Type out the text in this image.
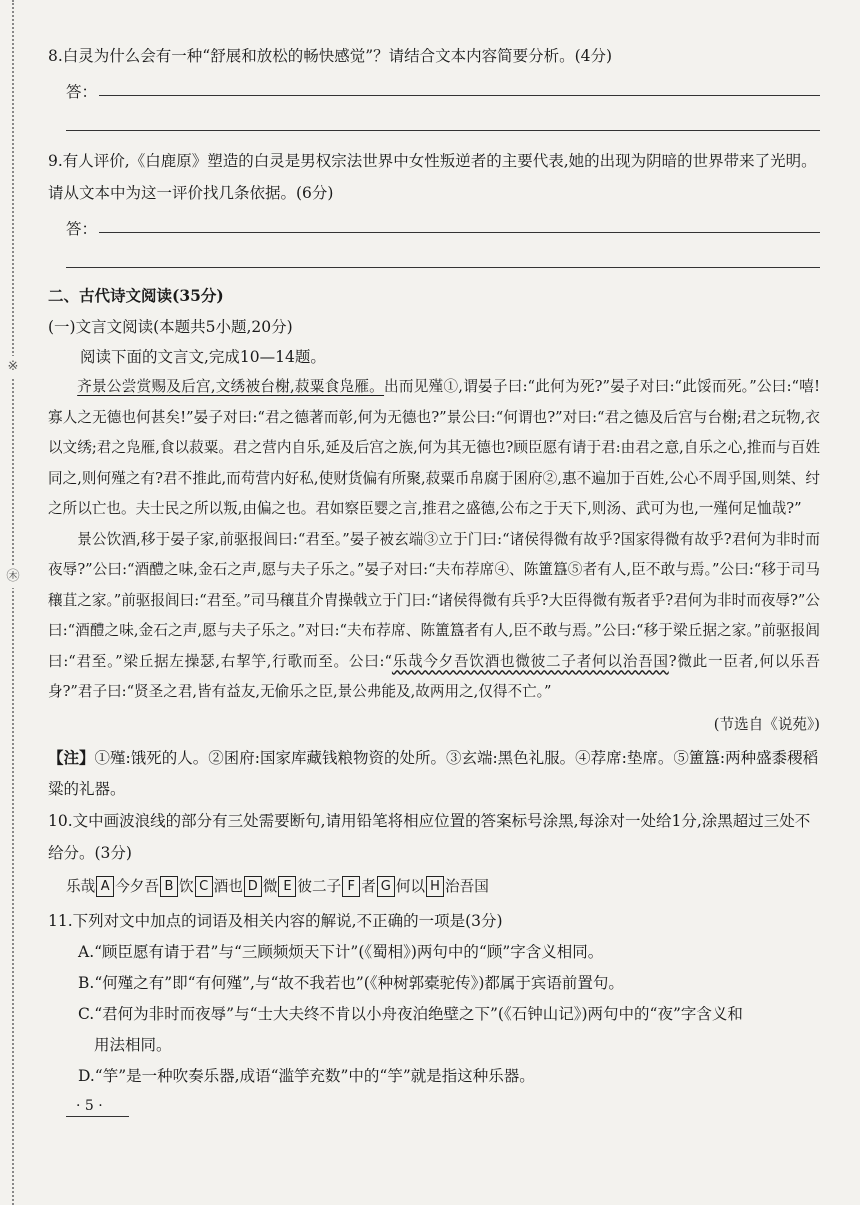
※
㊍

8.白灵为什么会有一种“舒展和放松的畅快感觉”？请结合文本内容简要分析。(4分)

答：

9.有人评价,《白鹿原》塑造的白灵是男权宗法世界中女性叛逆者的主要代表,她的出现为阴暗的世界带来了光明。请从文本中为这一评价找几条依据。(6分)

答：

二、古代诗文阅读(35分)

(一)文言文阅读(本题共5小题,20分)

阅读下面的文言文,完成10—14题。

齐景公尝赏赐及后宫,文绣被台榭,菽粟食凫雁。出而见殣①,谓晏子曰:“此何为死?”晏子对曰:“此馁而死。”公曰:“嘻!寡人之无德也何甚矣!”晏子对曰:“君之德著而彰,何为无德也?”景公曰:“何谓也?”对曰:“君之德及后宫与台榭;君之玩物,衣以文绣;君之凫雁,食以菽粟。君之营内自乐,延及后宫之族,何为其无德也?顾臣愿有请于君:由君之意,自乐之心,推而与百姓同之,则何殣之有?君不推此,而苟营内好私,使财货偏有所聚,菽粟币帛腐于囷府②,惠不遍加于百姓,公心不周乎国,则桀、纣之所以亡也。夫士民之所以叛,由偏之也。君如察臣婴之言,推君之盛德,公布之于天下,则汤、武可为也,一殣何足恤哉?”

景公饮酒,移于晏子家,前驱报闾曰:“君至。”晏子被玄端③立于门曰:“诸侯得微有故乎?国家得微有故乎?君何为非时而夜辱?”公曰:“酒醴之味,金石之声,愿与夫子乐之。”晏子对曰:“夫布荐席④、陈簠簋⑤者有人,臣不敢与焉。”公曰:“移于司马穰苴之家。”前驱报闾曰:“君至。”司马穰苴介胄操戟立于门曰:“诸侯得微有兵乎?大臣得微有叛者乎?君何为非时而夜辱?”公曰:“酒醴之味,金石之声,愿与夫子乐之。”对曰:“夫布荐席、陈簠簋者有人,臣不敢与焉。”公曰:“移于梁丘据之家。”前驱报闾曰:“君至。”梁丘据左操瑟,右挈竽,行歌而至。公曰:“乐哉今夕吾饮酒也微彼二子者何以治吾国?微此一臣者,何以乐吾身?”君子曰:“贤圣之君,皆有益友,无偷乐之臣,景公弗能及,故两用之,仅得不亡。”

(节选自《说苑》)

【注】①殣:饿死的人。②囷府:国家库藏钱粮物资的处所。③玄端:黑色礼服。④荐席:垫席。⑤簠簋:两种盛黍稷稻粱的礼器。

10.文中画波浪线的部分有三处需要断句,请用铅笔将相应位置的答案标号涂黑,每涂对一处给1分,涂黑超过三处不给分。(3分)

乐哉 A 今夕吾 B 饮 C 酒也 D 微 E 彼二子 F 者 G 何以 H 治吾国

11.下列对文中加点的词语及相关内容的解说,不正确的一项是(3分)

A.“顾臣愿有请于君”与“三顾频烦天下计”(《蜀相》)两句中的“顾”字含义相同。

B.“何殣之有”即“有何殣”,与“故不我若也”(《种树郭橐驼传》)都属于宾语前置句。

C.“君何为非时而夜辱”与“士大夫终不肯以小舟夜泊绝壁之下”(《石钟山记》)两句中的“夜”字含义和

用法相同。

D.“竽”是一种吹奏乐器,成语“滥竽充数”中的“竽”就是指这种乐器。

· 5 ·
